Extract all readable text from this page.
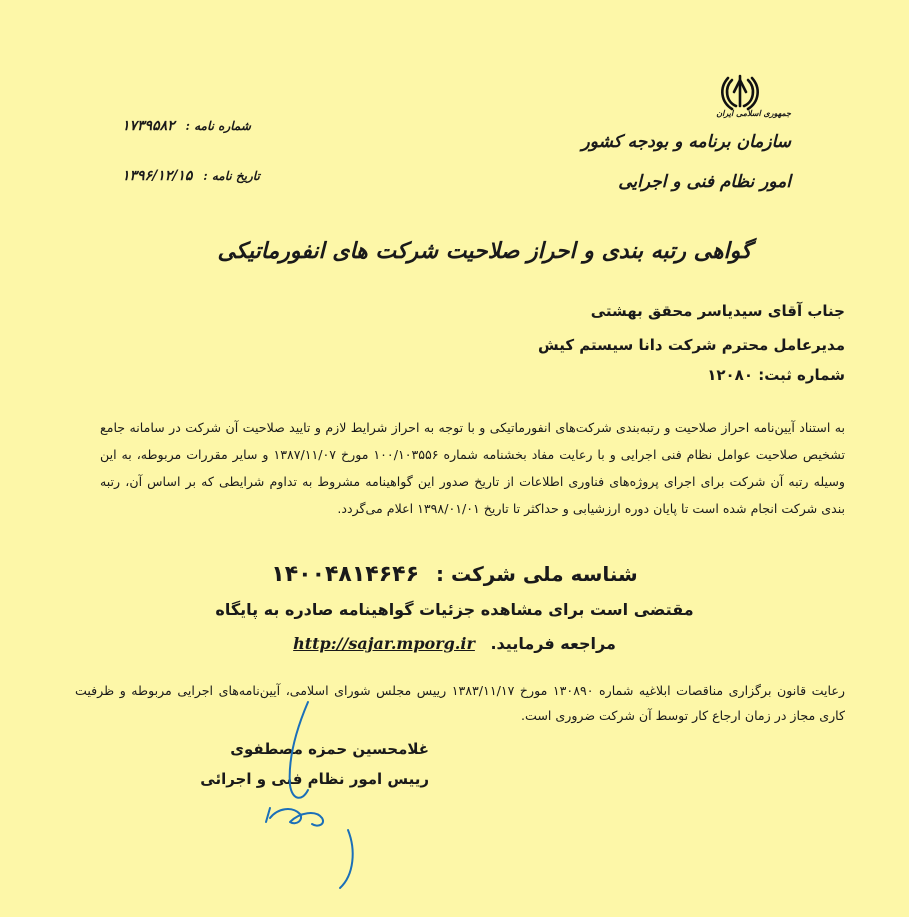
جمهوری اسلامی ایران
سازمان برنامه و بودجه کشور
امور نظام فنی و اجرایی
شماره نامه : ۱۷۳۹۵۸۲
تاریخ نامه : ۱۳۹۶/۱۲/۱۵
گواهی رتبه بندی و احراز صلاحیت شرکت های انفورماتیکی
جناب آقای سیدیاسر محقق بهشتی
مدیرعامل محترم شرکت دانا سیستم کیش
شماره ثبت: ۱۲۰۸۰
به استناد آیین‌نامه احراز صلاحیت و رتبه‌بندی شرکت‌های انفورماتیکی و با توجه به احراز شرایط لازم و تایید صلاحیت آن شرکت در سامانه جامع تشخیص صلاحیت عوامل نظام فنی اجرایی و با رعایت مفاد بخشنامه شماره ۱۰۰/۱۰۳۵۵۶ مورخ ۱۳۸۷/۱۱/۰۷ و سایر مقررات مربوطه، به این وسیله رتبه آن شرکت برای اجرای پروژه‌های فناوری اطلاعات از تاریخ صدور این گواهینامه مشروط به تداوم شرایطی که بر اساس آن، رتبه بندی شرکت انجام شده است تا پایان دوره ارزشیابی و حداکثر تا تاریخ ۱۳۹۸/۰۱/۰۱ اعلام می‌گردد.
شناسه ملی شرکت : ۱۴۰۰۴۸۱۴۶۴۶
مقتضی است برای مشاهده جزئیات گواهینامه صادره به پایگاه
مراجعه فرمایید. http://sajar.mporg.ir
رعایت قانون برگزاری مناقصات ابلاغیه شماره ۱۳۰۸۹۰ مورخ ۱۳۸۳/۱۱/۱۷ رییس مجلس شورای اسلامی، آیین‌نامه‌های اجرایی مربوطه و ظرفیت کاری مجاز در زمان ارجاع کار توسط آن شرکت ضروری است.
غلامحسین حمزه مصطفوی
رییس امور نظام فنی و اجرائی
